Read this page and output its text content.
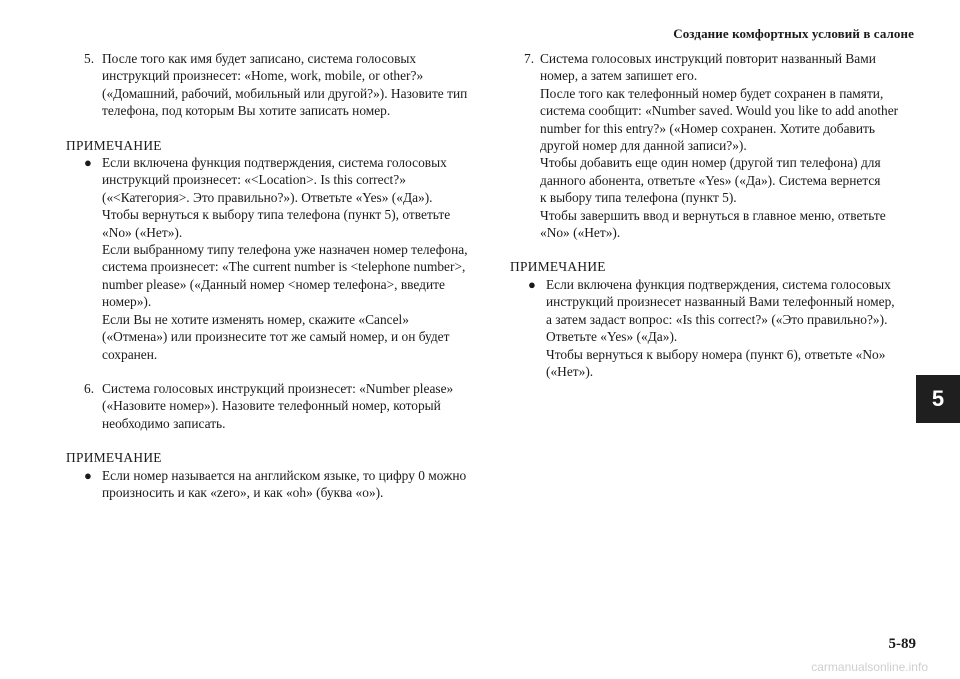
Создание комфортных условий в салоне
5
5. После того как имя будет записано, система голосовых
инструкций произнесет: «Home, work, mobile, or other?»
(«Домашний, рабочий, мобильный или другой?»). Назовите тип
телефона, под которым Вы хотите записать номер.
ПРИМЕЧАНИЕ
● Если включена функция подтверждения, система голосовых
инструкций произнесет: «<Location>. Is this correct?»
(«<Категория>. Это правильно?»). Ответьте «Yes» («Да»).
Чтобы вернуться к выбору типа телефона (пункт 5), ответьте
«No» («Нет»).
Если выбранному типу телефона уже назначен номер телефона,
система произнесет: «The current number is <telephone number>,
number please» («Данный номер <номер телефона>, введите
номер»).
Если Вы не хотите изменять номер, скажите «Cancel»
(«Отмена») или произнесите тот же самый номер, и он будет
сохранен.
6. Система голосовых инструкций произнесет: «Number please»
(«Назовите номер»). Назовите телефонный номер, который
необходимо записать.
ПРИМЕЧАНИЕ
● Если номер называется на английском языке, то цифру 0 можно
произносить и как «zero», и как «oh» (буква «o»).
7. Система голосовых инструкций повторит названный Вами
номер, а затем запишет его.
После того как телефонный номер будет сохранен в памяти,
система сообщит: «Number saved. Would you like to add another
number for this entry?» («Номер сохранен. Хотите добавить
другой номер для данной записи?»).
Чтобы добавить еще один номер (другой тип телефона) для
данного абонента, ответьте «Yes» («Да»). Система вернется
к выбору типа телефона (пункт 5).
Чтобы завершить ввод и вернуться в главное меню, ответьте
«No» («Нет»).
ПРИМЕЧАНИЕ
● Если включена функция подтверждения, система голосовых
инструкций произнесет названный Вами телефонный номер,
а затем задаст вопрос: «Is this correct?» («Это правильно?»).
Ответьте «Yes» («Да»).
Чтобы вернуться к выбору номера (пункт 6), ответьте «No»
(«Нет»).
5-89
carmanualsonline.info
